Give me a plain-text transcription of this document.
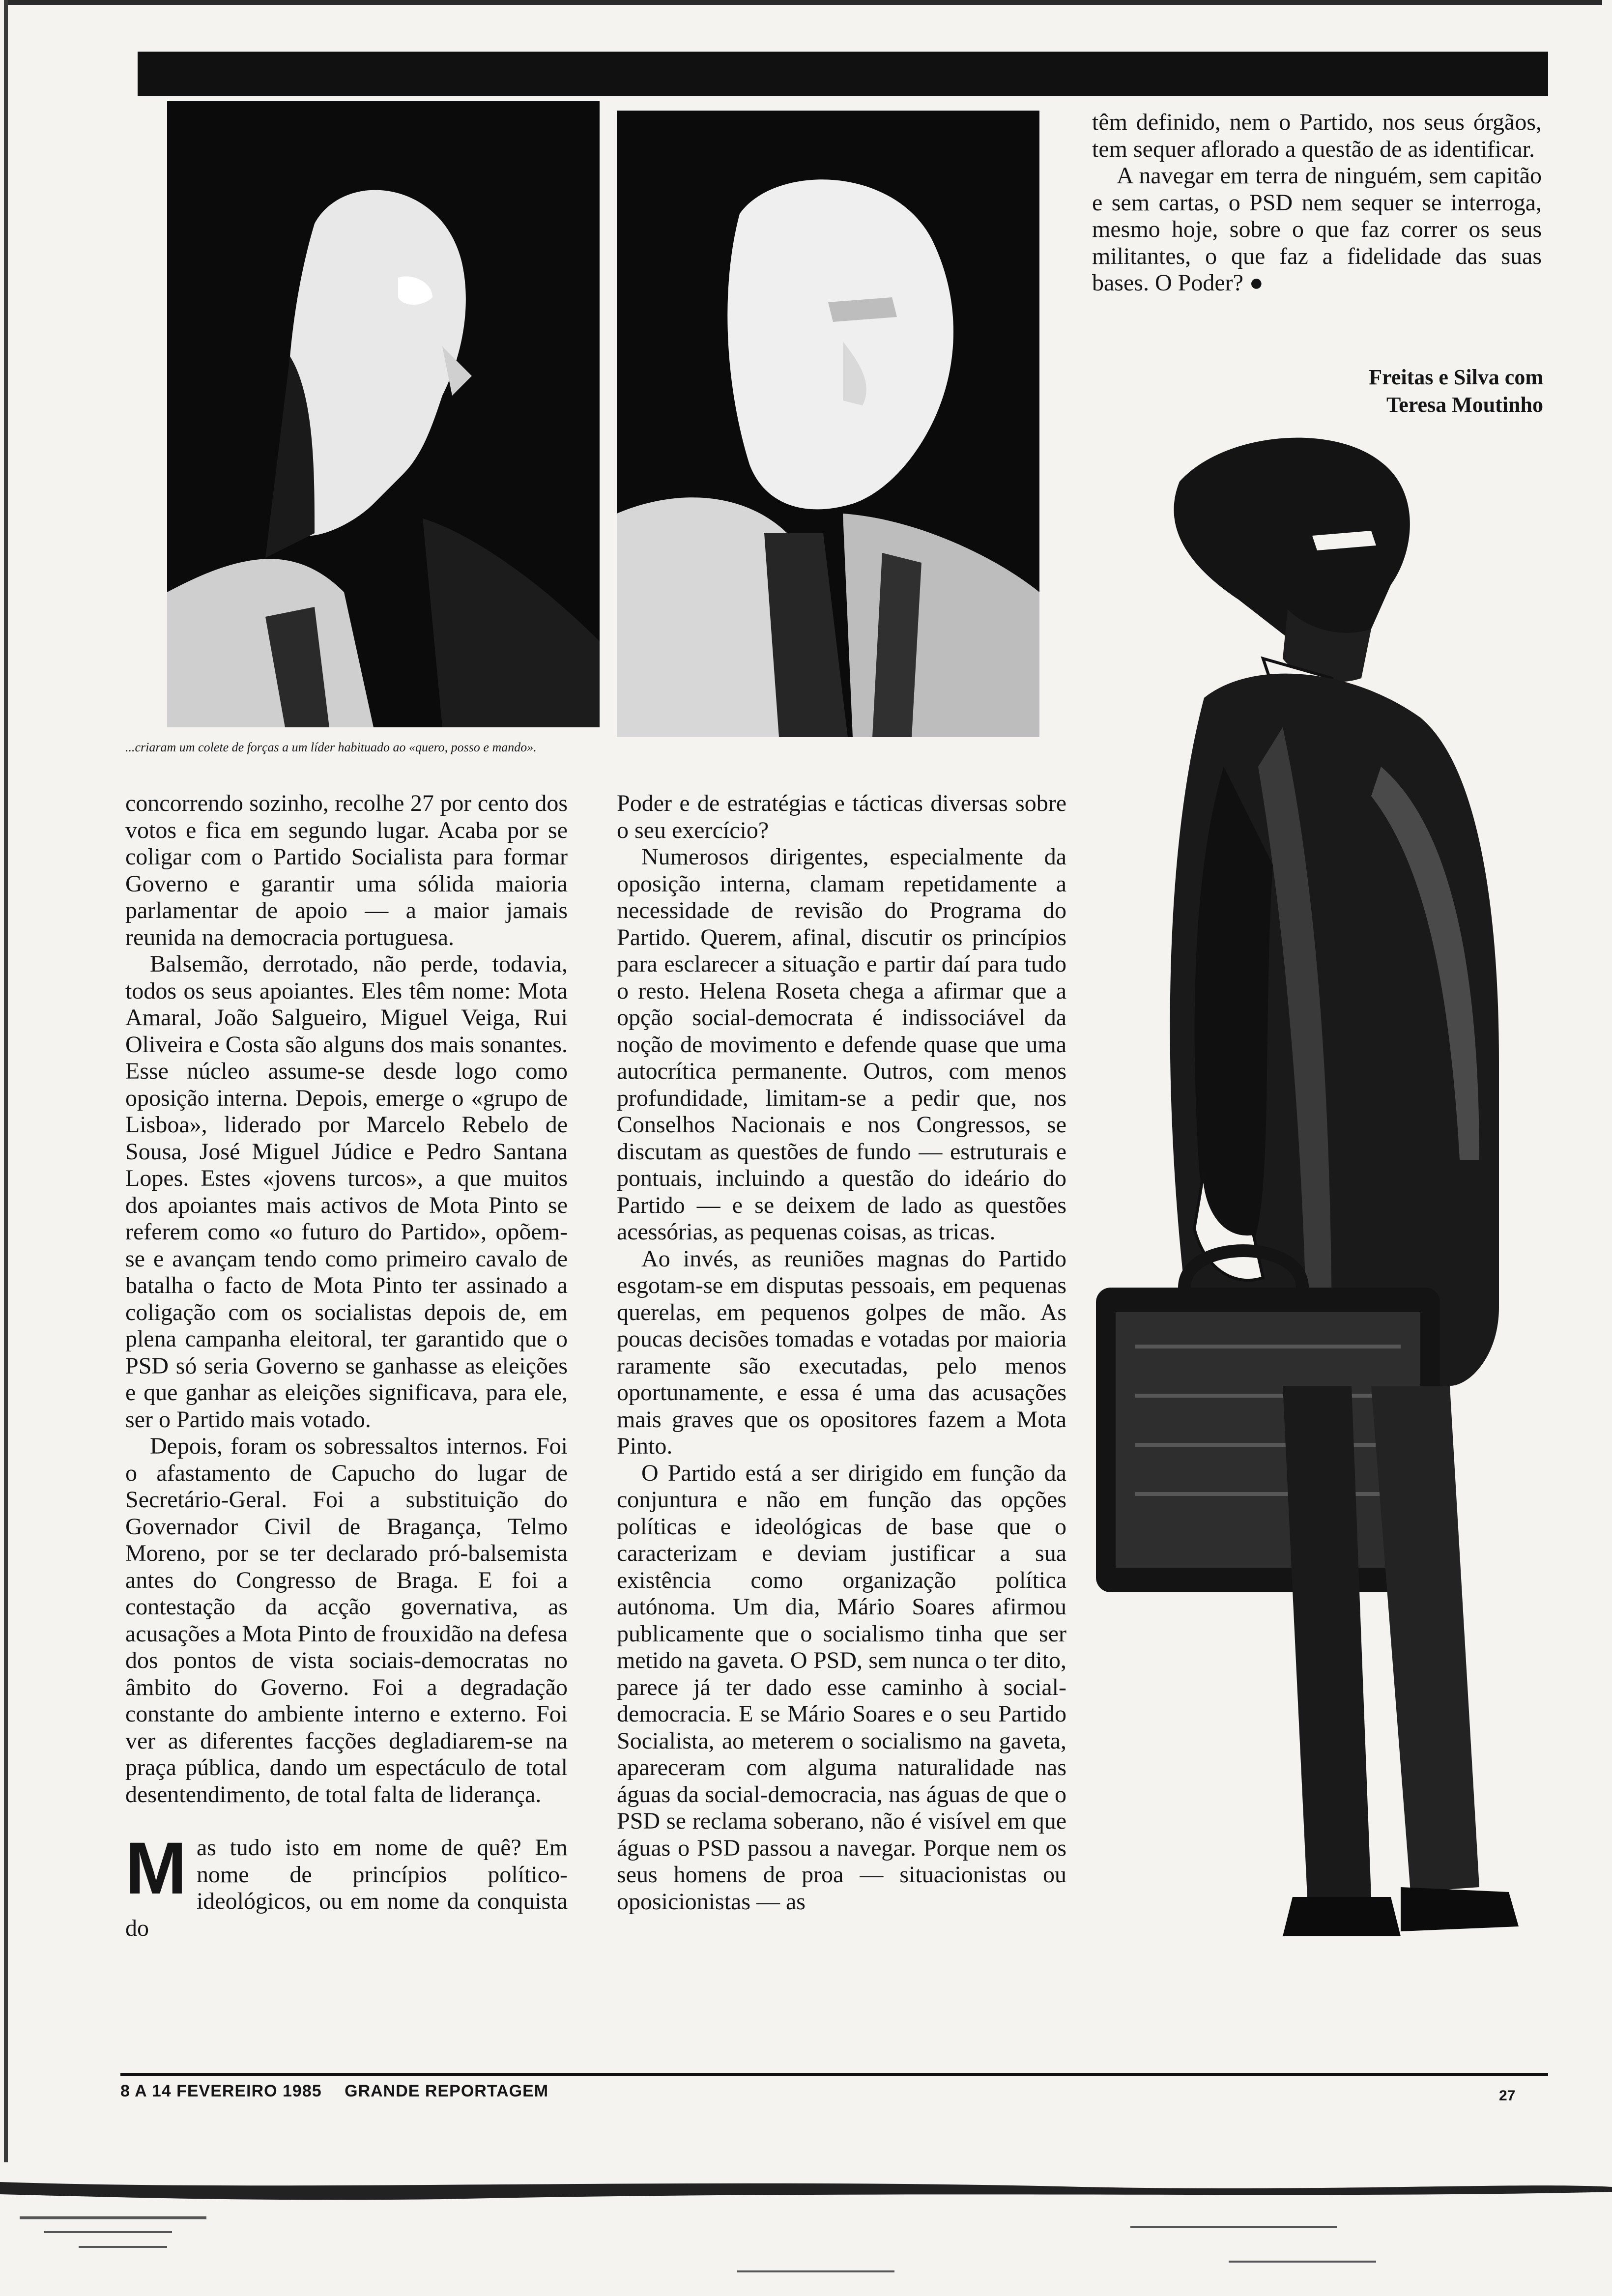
...criaram um colete de forças a um líder habituado ao «quero, posso e mando».

concorrendo sozinho, recolhe 27 por cento dos votos e fica em segundo lugar. Acaba por se coligar com o Partido Socialista para formar Governo e garantir uma sólida maioria parlamentar de apoio — a maior jamais reunida na democracia portuguesa.

Balsemão, derrotado, não perde, todavia, todos os seus apoiantes. Eles têm nome: Mota Amaral, João Salgueiro, Miguel Veiga, Rui Oliveira e Costa são alguns dos mais sonantes. Esse núcleo assume-se desde logo como oposição interna. Depois, emerge o «grupo de Lisboa», liderado por Marcelo Rebelo de Sousa, José Miguel Júdice e Pedro Santana Lopes. Estes «jovens turcos», a que muitos dos apoiantes mais activos de Mota Pinto se referem como «o futuro do Partido», opõem-se e avançam tendo como primeiro cavalo de batalha o facto de Mota Pinto ter assinado a coligação com os socialistas depois de, em plena campanha eleitoral, ter garantido que o PSD só seria Governo se ganhasse as eleições e que ganhar as eleições significava, para ele, ser o Partido mais votado.

Depois, foram os sobressaltos internos. Foi o afastamento de Capucho do lugar de Secretário-Geral. Foi a substituição do Governador Civil de Bragança, Telmo Moreno, por se ter declarado pró-balsemista antes do Congresso de Braga. E foi a contestação da acção governativa, as acusações a Mota Pinto de frouxidão na defesa dos pontos de vista sociais-democratas no âmbito do Governo. Foi a degradação constante do ambiente interno e externo. Foi ver as diferentes facções degladiarem-se na praça pública, dando um espectáculo de total desentendimento, de total falta de liderança.

M as tudo isto em nome de quê? Em nome de princípios político-ideológicos, ou em nome da conquista do

Poder e de estratégias e tácticas diversas sobre o seu exercício?

Numerosos dirigentes, especialmente da oposição interna, clamam repetidamente a necessidade de revisão do Programa do Partido. Querem, afinal, discutir os princípios para esclarecer a situação e partir daí para tudo o resto. Helena Roseta chega a afirmar que a opção social-democrata é indissociável da noção de movimento e defende quase que uma autocrítica permanente. Outros, com menos profundidade, limitam-se a pedir que, nos Conselhos Nacionais e nos Congressos, se discutam as questões de fundo — estruturais e pontuais, incluindo a questão do ideário do Partido — e se deixem de lado as questões acessórias, as pequenas coisas, as tricas.

Ao invés, as reuniões magnas do Partido esgotam-se em disputas pessoais, em pequenas querelas, em pequenos golpes de mão. As poucas decisões tomadas e votadas por maioria raramente são executadas, pelo menos oportunamente, e essa é uma das acusações mais graves que os opositores fazem a Mota Pinto.

O Partido está a ser dirigido em função da conjuntura e não em função das opções políticas e ideológicas de base que o caracterizam e deviam justificar a sua existência como organização política autónoma. Um dia, Mário Soares afirmou publicamente que o socialismo tinha que ser metido na gaveta. O PSD, sem nunca o ter dito, parece já ter dado esse caminho à social-democracia. E se Mário Soares e o seu Partido Socialista, ao meterem o socialismo na gaveta, apareceram com alguma naturalidade nas águas da social-democracia, nas águas de que o PSD se reclama soberano, não é visível em que águas o PSD passou a navegar. Porque nem os seus homens de proa — situacionistas ou oposicionistas — as

têm definido, nem o Partido, nos seus órgãos, tem sequer aflorado a questão de as identificar.

A navegar em terra de ninguém, sem capitão e sem cartas, o PSD nem sequer se interroga, mesmo hoje, sobre o que faz correr os seus militantes, o que faz a fidelidade das suas bases. O Poder? ●

Freitas e Silva com
Teresa Moutinho
8 A 14 FEVEREIRO 1985 GRANDE REPORTAGEM	27
